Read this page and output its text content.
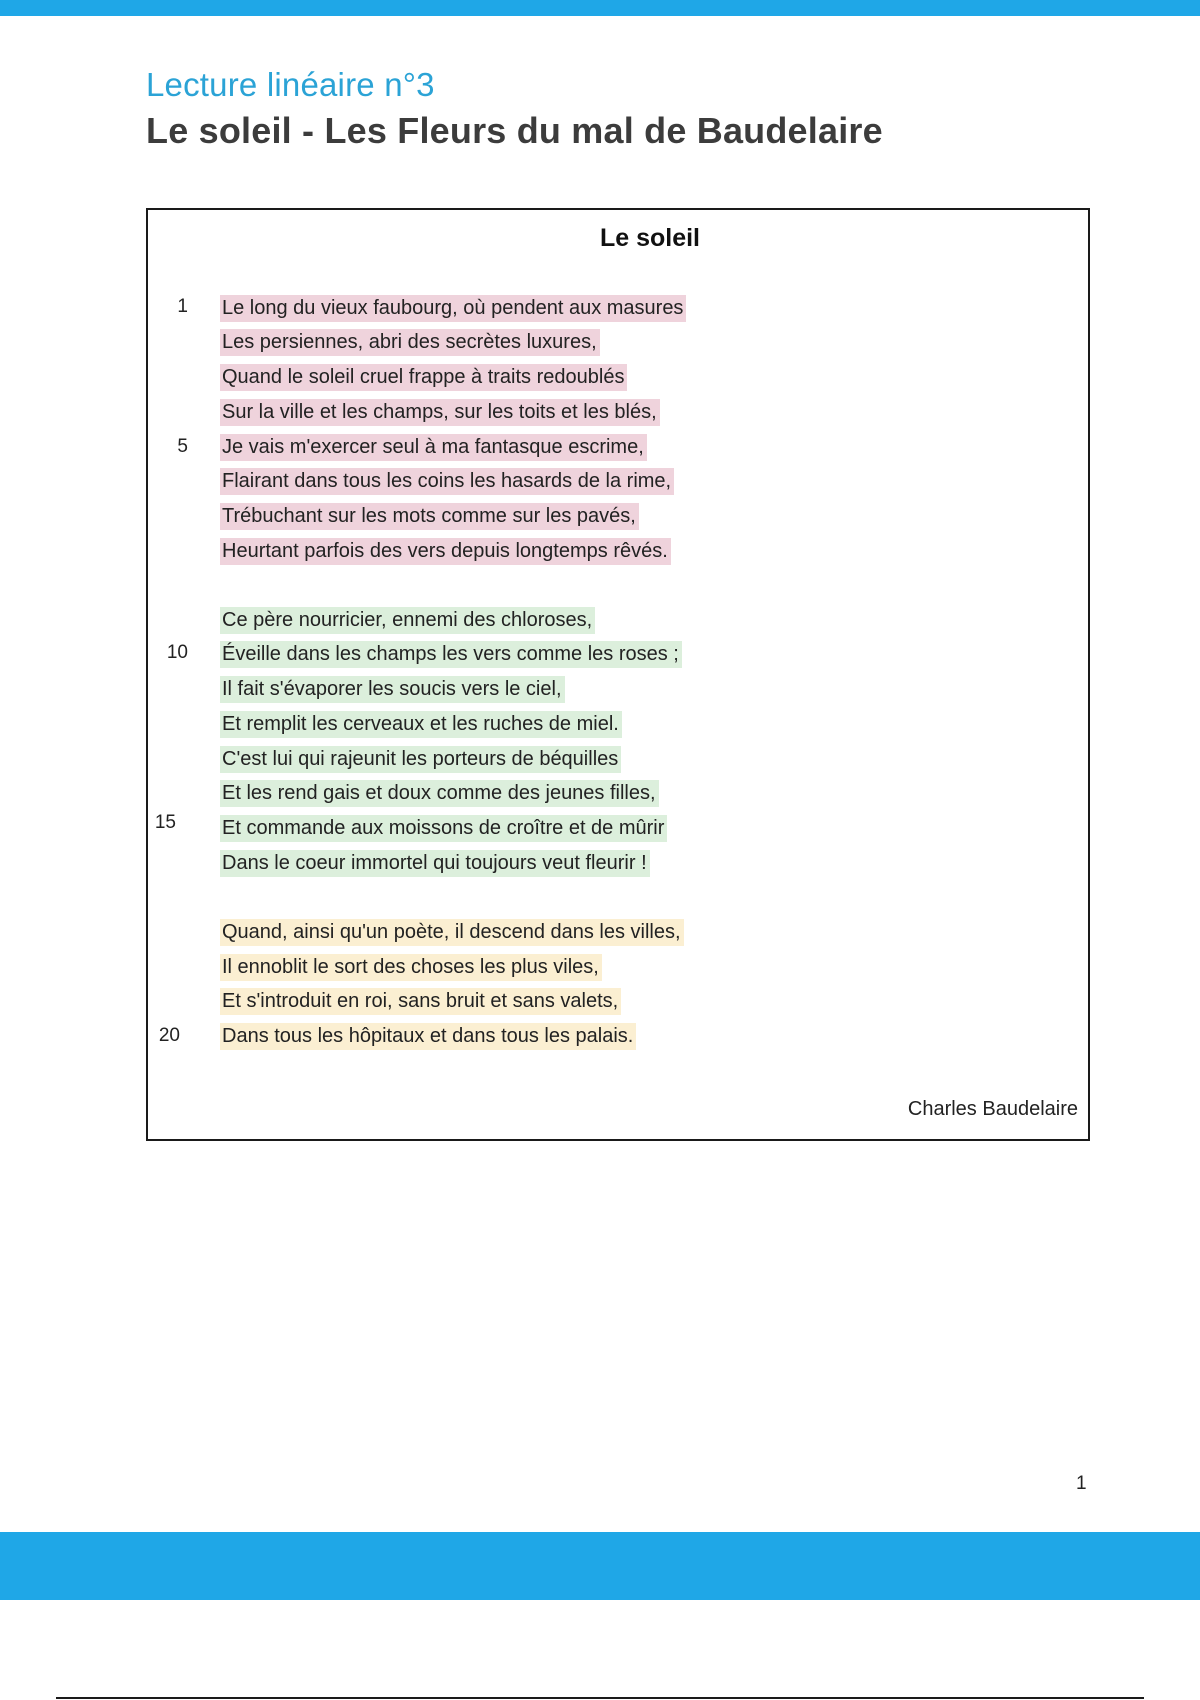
Lecture linéaire n°3
Le soleil - Les Fleurs du mal de Baudelaire
Le soleil
1
5
10
15
20
Le long du vieux faubourg, où pendent aux masures
Les persiennes, abri des secrètes luxures,
Quand le soleil cruel frappe à traits redoublés
Sur la ville et les champs, sur les toits et les blés,
Je vais m'exercer seul à ma fantasque escrime,
Flairant dans tous les coins les hasards de la rime,
Trébuchant sur les mots comme sur les pavés,
Heurtant parfois des vers depuis longtemps rêvés.
Ce père nourricier, ennemi des chloroses,
Éveille dans les champs les vers comme les roses ;
Il fait s'évaporer les soucis vers le ciel,
Et remplit les cerveaux et les ruches de miel.
C'est lui qui rajeunit les porteurs de béquilles
Et les rend gais et doux comme des jeunes filles,
Et commande aux moissons de croître et de mûrir
Dans le coeur immortel qui toujours veut fleurir !
Quand, ainsi qu'un poète, il descend dans les villes,
Il ennoblit le sort des choses les plus viles,
Et s'introduit en roi, sans bruit et sans valets,
Dans tous les hôpitaux et dans tous les palais.
Charles Baudelaire
1
